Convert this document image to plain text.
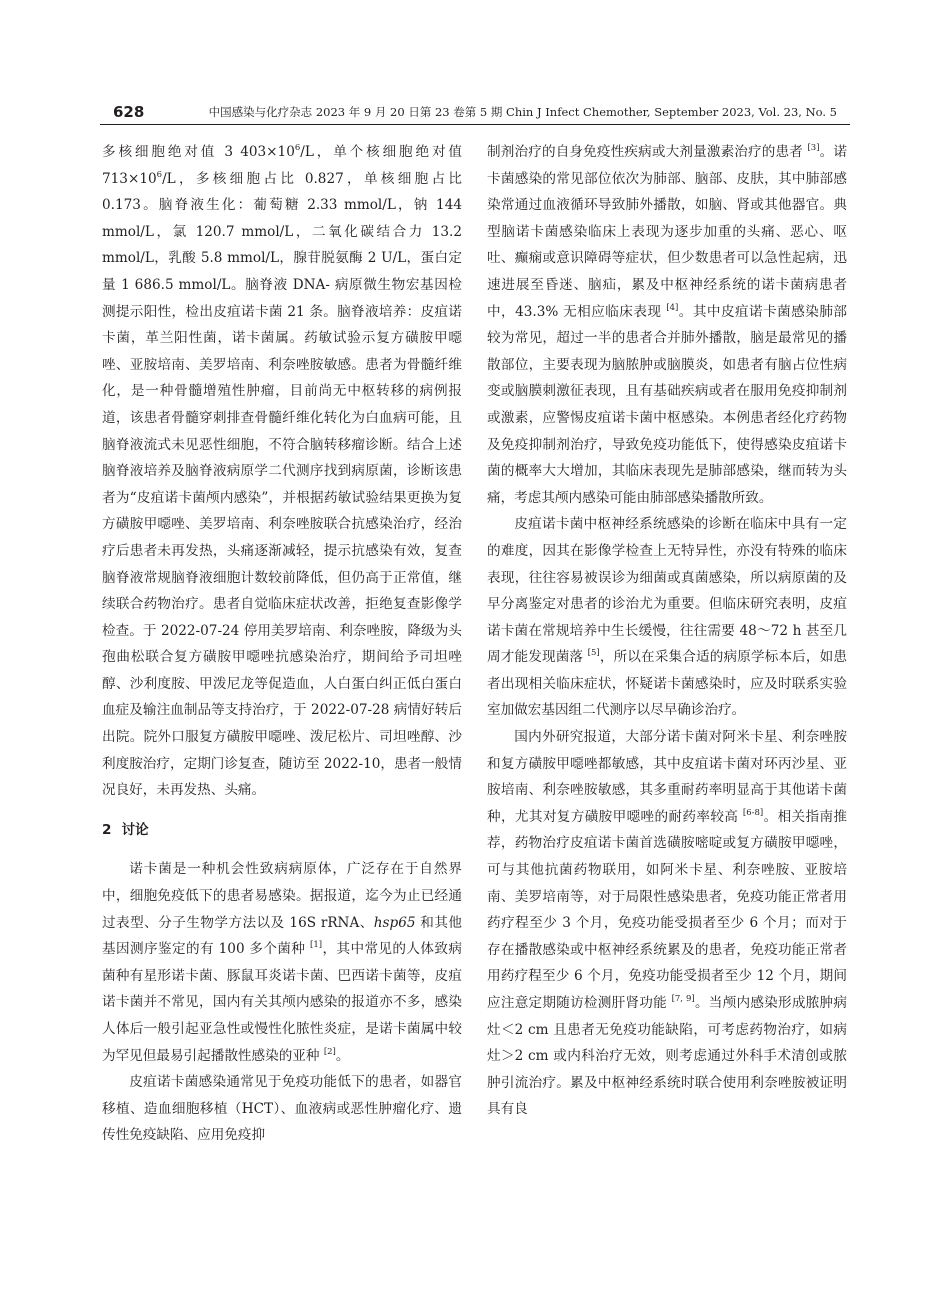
628	中国感染与化疗杂志 2023 年 9 月 20 日第 23 卷第 5 期 Chin J Infect Chemother, September 2023, Vol. 23, No. 5

多核细胞绝对值 3 $403\times 10^6/L$，单个核细胞绝对值 $713\times 10^6/L$，多核细胞占比 0.827，单核细胞占比 0.173。脑脊液生化：葡萄糖 2.33 mmol/L，钠 144 mmol/L，氯 120.7 mmol/L，二氧化碳结合力 13.2 mmol/L，乳酸 5.8 mmol/L，腺苷脱氨酶 2 U/L，蛋白定量 1 686.5 mmol/L。脑脊液 DNA- 病原微生物宏基因检测提示阳性，检出皮疽诺卡菌 21 条。脑脊液培养：皮疽诺卡菌，革兰阳性菌，诺卡菌属。药敏试验示复方磺胺甲噁唑、亚胺培南、美罗培南、利奈唑胺敏感。患者为骨髓纤维化，是一种骨髓增殖性肿瘤，目前尚无中枢转移的病例报道，该患者骨髓穿刺排查骨髓纤维化转化为白血病可能，且脑脊液流式未见恶性细胞，不符合脑转移瘤诊断。结合上述脑脊液培养及脑脊液病原学二代测序找到病原菌，诊断该患者为“皮疽诺卡菌颅内感染”，并根据药敏试验结果更换为复方磺胺甲噁唑、美罗培南、利奈唑胺联合抗感染治疗，经治疗后患者未再发热，头痛逐渐减轻，提示抗感染有效，复查脑脊液常规脑脊液细胞计数较前降低，但仍高于正常值，继续联合药物治疗。患者自觉临床症状改善，拒绝复查影像学检查。于 2022-07-24 停用美罗培南、利奈唑胺，降级为头孢曲松联合复方磺胺甲噁唑抗感染治疗，期间给予司坦唑醇、沙利度胺、甲泼尼龙等促造血，人白蛋白纠正低白蛋白血症及输注血制品等支持治疗，于 2022-07-28 病情好转后出院。院外口服复方磺胺甲噁唑、泼尼松片、司坦唑醇、沙利度胺治疗，定期门诊复查，随访至 2022-10，患者一般情况良好，未再发热、头痛。

2 讨论

诺卡菌是一种机会性致病病原体，广泛存在于自然界中，细胞免疫低下的患者易感染。据报道，迄今为止已经通过表型、分子生物学方法以及 16S rRNA、hsp65 和其他基因测序鉴定的有 100 多个菌种 [1]，其中常见的人体致病菌种有星形诺卡菌、豚鼠耳炎诺卡菌、巴西诺卡菌等，皮疽诺卡菌并不常见，国内有关其颅内感染的报道亦不多，感染人体后一般引起亚急性或慢性化脓性炎症，是诺卡菌属中较为罕见但最易引起播散性感染的亚种 [2]。

皮疽诺卡菌感染通常见于免疫功能低下的患者，如器官移植、造血细胞移植（HCT）、血液病或恶性肿瘤化疗、遗传性免疫缺陷、应用免疫抑

制剂治疗的自身免疫性疾病或大剂量激素治疗的患者 [3]。诺卡菌感染的常见部位依次为肺部、脑部、皮肤，其中肺部感染常通过血液循环导致肺外播散，如脑、肾或其他器官。典型脑诺卡菌感染临床上表现为逐步加重的头痛、恶心、呕吐、癫痫或意识障碍等症状，但少数患者可以急性起病，迅速进展至昏迷、脑疝，累及中枢神经系统的诺卡菌病患者中，43.3% 无相应临床表现 [4]。其中皮疽诺卡菌感染肺部较为常见，超过一半的患者合并肺外播散，脑是最常见的播散部位，主要表现为脑脓肿或脑膜炎，如患者有脑占位性病变或脑膜刺激征表现，且有基础疾病或者在服用免疫抑制剂或激素，应警惕皮疽诺卡菌中枢感染。本例患者经化疗药物及免疫抑制剂治疗，导致免疫功能低下，使得感染皮疽诺卡菌的概率大大增加，其临床表现先是肺部感染，继而转为头痛，考虑其颅内感染可能由肺部感染播散所致。

皮疽诺卡菌中枢神经系统感染的诊断在临床中具有一定的难度，因其在影像学检查上无特异性，亦没有特殊的临床表现，往往容易被误诊为细菌或真菌感染，所以病原菌的及早分离鉴定对患者的诊治尤为重要。但临床研究表明，皮疽诺卡菌在常规培养中生长缓慢，往往需要 48～72 h 甚至几周才能发现菌落 [5]，所以在采集合适的病原学标本后，如患者出现相关临床症状，怀疑诺卡菌感染时，应及时联系实验室加做宏基因组二代测序以尽早确诊治疗。

国内外研究报道，大部分诺卡菌对阿米卡星、利奈唑胺和复方磺胺甲噁唑都敏感，其中皮疽诺卡菌对环丙沙星、亚胺培南、利奈唑胺敏感，其多重耐药率明显高于其他诺卡菌种，尤其对复方磺胺甲噁唑的耐药率较高 [6-8]。相关指南推荐，药物治疗皮疽诺卡菌首选磺胺嘧啶或复方磺胺甲噁唑，可与其他抗菌药物联用，如阿米卡星、利奈唑胺、亚胺培南、美罗培南等，对于局限性感染患者，免疫功能正常者用药疗程至少 3 个月，免疫功能受损者至少 6 个月；而对于存在播散感染或中枢神经系统累及的患者，免疫功能正常者用药疗程至少 6 个月，免疫功能受损者至少 12 个月，期间应注意定期随访检测肝肾功能 [7, 9]。当颅内感染形成脓肿病灶＜2 cm 且患者无免疫功能缺陷，可考虑药物治疗，如病灶＞2 cm 或内科治疗无效，则考虑通过外科手术清创或脓肿引流治疗。累及中枢神经系统时联合使用利奈唑胺被证明具有良
